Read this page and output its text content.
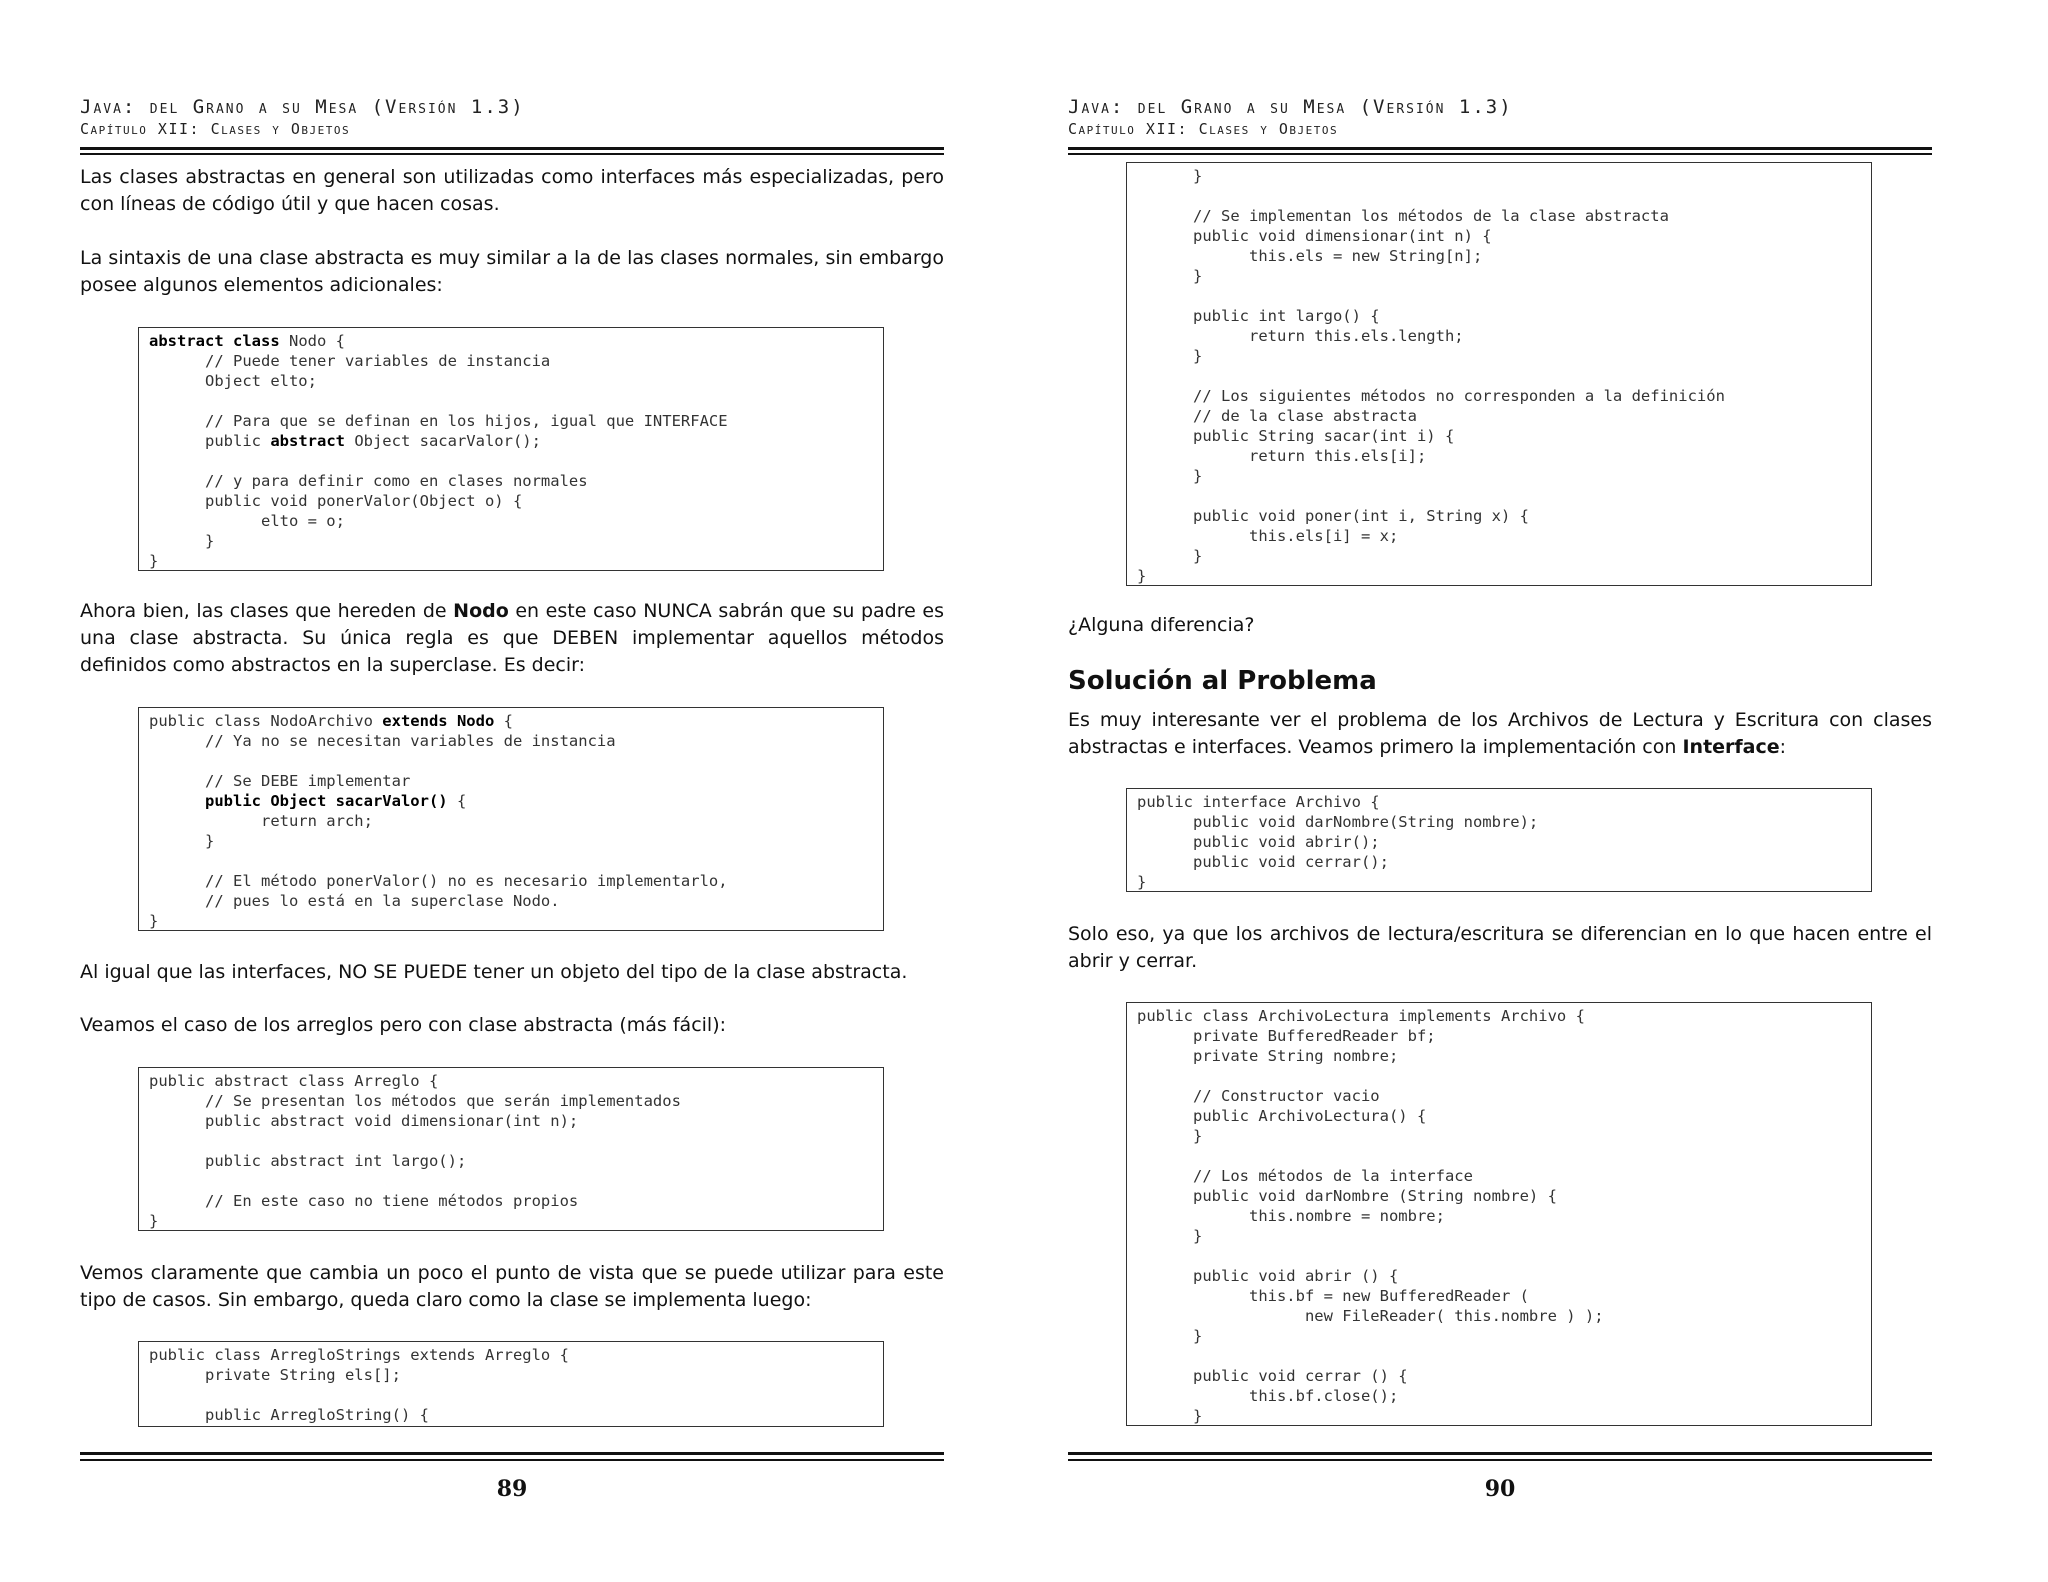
Java: del Grano a su Mesa (Versión 1.3)
Capítulo XII: Clases y Objetos

Las clases abstractas en general son utilizadas como interfaces más especializadas, pero con líneas de código útil y que hacen cosas.

La sintaxis de una clase abstracta es muy similar a la de las clases normales, sin embargo posee algunos elementos adicionales:

abstract class Nodo {
// Puede tener variables de instancia
Object elto;
// Para que se definan en los hijos, igual que INTERFACE
public abstract Object sacarValor();
// y para definir como en clases normales
public void ponerValor(Object o) {
elto = o;
}
}

Ahora bien, las clases que hereden de Nodo en este caso NUNCA sabrán que su padre es una clase abstracta. Su única regla es que DEBEN implementar aquellos métodos definidos como abstractos en la superclase. Es decir:

public class NodoArchivo extends Nodo {
// Ya no se necesitan variables de instancia
// Se DEBE implementar
public Object sacarValor() {
return arch;
}
// El método ponerValor() no es necesario implementarlo,
// pues lo está en la superclase Nodo.
}

Al igual que las interfaces, NO SE PUEDE tener un objeto del tipo de la clase abstracta.

Veamos el caso de los arreglos pero con clase abstracta (más fácil):

public abstract class Arreglo {
// Se presentan los métodos que serán implementados
public abstract void dimensionar(int n);
public abstract int largo();
// En este caso no tiene métodos propios
}

Vemos claramente que cambia un poco el punto de vista que se puede utilizar para este tipo de casos. Sin embargo, queda claro como la clase se implementa luego:

public class ArregloStrings extends Arreglo {
private String els[];
public ArregloString() {
89
Java: del Grano a su Mesa (Versión 1.3)
Capítulo XII: Clases y Objetos
}
// Se implementan los métodos de la clase abstracta
public void dimensionar(int n) {
this.els = new String[n];
}
public int largo() {
return this.els.length;
}
// Los siguientes métodos no corresponden a la definición
// de la clase abstracta
public String sacar(int i) {
return this.els[i];
}
public void poner(int i, String x) {
this.els[i] = x;
}
}

¿Alguna diferencia?

Solución al Problema

Es muy interesante ver el problema de los Archivos de Lectura y Escritura con clases abstractas e interfaces. Veamos primero la implementación con Interface:

public interface Archivo {
public void darNombre(String nombre);
public void abrir();
public void cerrar();
}

Solo eso, ya que los archivos de lectura/escritura se diferencian en lo que hacen entre el abrir y cerrar.

public class ArchivoLectura implements Archivo {
private BufferedReader bf;
private String nombre;
// Constructor vacio
public ArchivoLectura() {
}
// Los métodos de la interface
public void darNombre (String nombre) {
this.nombre = nombre;
}
public void abrir () {
this.bf = new BufferedReader (
new FileReader( this.nombre ) );
}
public void cerrar () {
this.bf.close();
}
90
